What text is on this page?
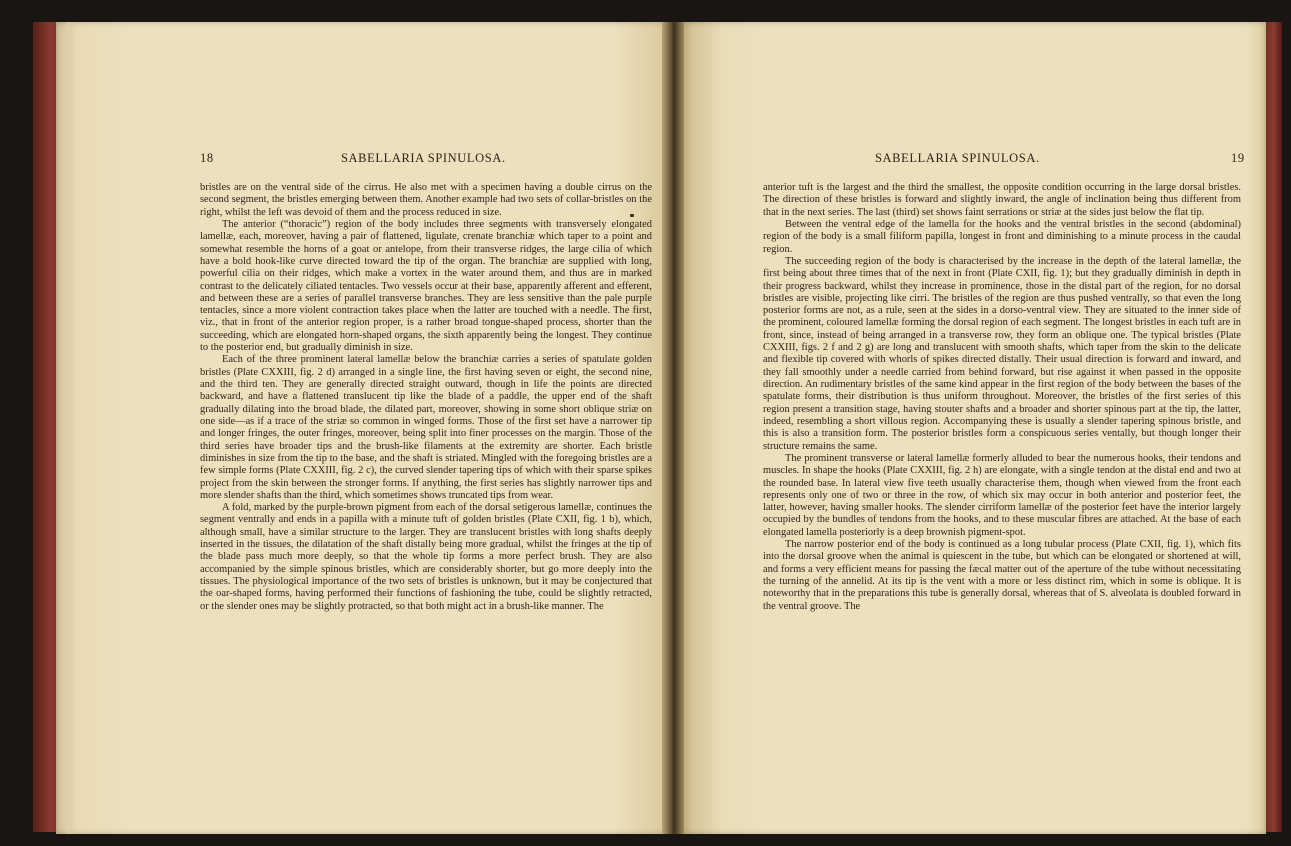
18	SABELLARIA SPINULOSA.

bristles are on the ventral side of the cirrus. He also met with a specimen having a double cirrus on the second segment, the bristles emerging between them. Another example had two sets of collar-bristles on the right, whilst the left was devoid of them and the process reduced in size.

The anterior (“thoracic”) region of the body includes three segments with transversely elongated lamellæ, each, moreover, having a pair of flattened, ligulate, crenate branchiæ which taper to a point and somewhat resemble the horns of a goat or antelope, from their transverse ridges, the large cilia of which have a bold hook-like curve directed toward the tip of the organ. The branchiæ are supplied with long, powerful cilia on their ridges, which make a vortex in the water around them, and thus are in marked contrast to the delicately ciliated tentacles. Two vessels occur at their base, apparently afferent and efferent, and between these are a series of parallel transverse branches. They are less sensitive than the pale purple tentacles, since a more violent contraction takes place when the latter are touched with a needle. The first, viz., that in front of the anterior region proper, is a rather broad tongue-shaped process, shorter than the succeeding, which are elongated horn-shaped organs, the sixth apparently being the longest. They continue to the posterior end, but gradually diminish in size.

Each of the three prominent lateral lamellæ below the branchiæ carries a series of spatulate golden bristles (Plate CXXIII, fig. 2 d) arranged in a single line, the first having seven or eight, the second nine, and the third ten. They are generally directed straight outward, though in life the points are directed backward, and have a flattened translucent tip like the blade of a paddle, the upper end of the shaft gradually dilating into the broad blade, the dilated part, moreover, showing in some short oblique striæ on one side—as if a trace of the striæ so common in winged forms. Those of the first set have a narrower tip and longer fringes, the outer fringes, moreover, being split into finer processes on the margin. Those of the third series have broader tips and the brush-like filaments at the extremity are shorter. Each bristle diminishes in size from the tip to the base, and the shaft is striated. Mingled with the foregoing bristles are a few simple forms (Plate CXXIII, fig. 2 c), the curved slender tapering tips of which with their sparse spikes project from the skin between the stronger forms. If anything, the first series has slightly narrower tips and more slender shafts than the third, which sometimes shows truncated tips from wear.

A fold, marked by the purple-brown pigment from each of the dorsal setigerous lamellæ, continues the segment ventrally and ends in a papilla with a minute tuft of golden bristles (Plate CXII, fig. 1 b), which, although small, have a similar structure to the larger. They are translucent bristles with long shafts deeply inserted in the tissues, the dilatation of the shaft distally being more gradual, whilst the fringes at the tip of the blade pass much more deeply, so that the whole tip forms a more perfect brush. They are also accompanied by the simple spinous bristles, which are considerably shorter, but go more deeply into the tissues. The physiological importance of the two sets of bristles is unknown, but it may be conjectured that the oar-shaped forms, having performed their functions of fashioning the tube, could be slightly retracted, or the slender ones may be slightly protracted, so that both might act in a brush-like manner. The

SABELLARIA SPINULOSA.	19

anterior tuft is the largest and the third the smallest, the opposite condition occurring in the large dorsal bristles. The direction of these bristles is forward and slightly inward, the angle of inclination being thus different from that in the next series. The last (third) set shows faint serrations or striæ at the sides just below the flat tip.

Between the ventral edge of the lamella for the hooks and the ventral bristles in the second (abdominal) region of the body is a small filiform papilla, longest in front and diminishing to a minute process in the caudal region.

The succeeding region of the body is characterised by the increase in the depth of the lateral lamellæ, the first being about three times that of the next in front (Plate CXII, fig. 1); but they gradually diminish in depth in their progress backward, whilst they increase in prominence, those in the distal part of the region, for no dorsal bristles are visible, projecting like cirri. The bristles of the region are thus pushed ventrally, so that even the long posterior forms are not, as a rule, seen at the sides in a dorso-ventral view. They are situated to the inner side of the prominent, coloured lamellæ forming the dorsal region of each segment. The longest bristles in each tuft are in front, since, instead of being arranged in a transverse row, they form an oblique one. The typical bristles (Plate CXXIII, figs. 2 f and 2 g) are long and translucent with smooth shafts, which taper from the skin to the delicate and flexible tip covered with whorls of spikes directed distally. Their usual direction is forward and inward, and they fall smoothly under a needle carried from behind forward, but rise against it when passed in the opposite direction. An rudimentary bristles of the same kind appear in the first region of the body between the bases of the spatulate forms, their distribution is thus uniform throughout. Moreover, the bristles of the first series of this region present a transition stage, having stouter shafts and a broader and shorter spinous part at the tip, the latter, indeed, resembling a short villous region. Accompanying these is usually a slender tapering spinous bristle, and this is also a transition form. The posterior bristles form a conspicuous series ventally, but though longer their structure remains the same.

The prominent transverse or lateral lamellæ formerly alluded to bear the numerous hooks, their tendons and muscles. In shape the hooks (Plate CXXIII, fig. 2 h) are elongate, with a single tendon at the distal end and two at the rounded base. In lateral view five teeth usually characterise them, though when viewed from the front each represents only one of two or three in the row, of which six may occur in both anterior and posterior feet, the latter, however, having smaller hooks. The slender cirriform lamellæ of the posterior feet have the interior largely occupied by the bundles of tendons from the hooks, and to these muscular fibres are attached. At the base of each elongated lamella posteriorly is a deep brownish pigment-spot.

The narrow posterior end of the body is continued as a long tubular process (Plate CXII, fig. 1), which fits into the dorsal groove when the animal is quiescent in the tube, but which can be elongated or shortened at will, and forms a very efficient means for passing the fæcal matter out of the aperture of the tube without necessitating the turning of the annelid. At its tip is the vent with a more or less distinct rim, which in some is oblique. It is noteworthy that in the preparations this tube is generally dorsal, whereas that of S. alveolata is doubled forward in the ventral groove. The
